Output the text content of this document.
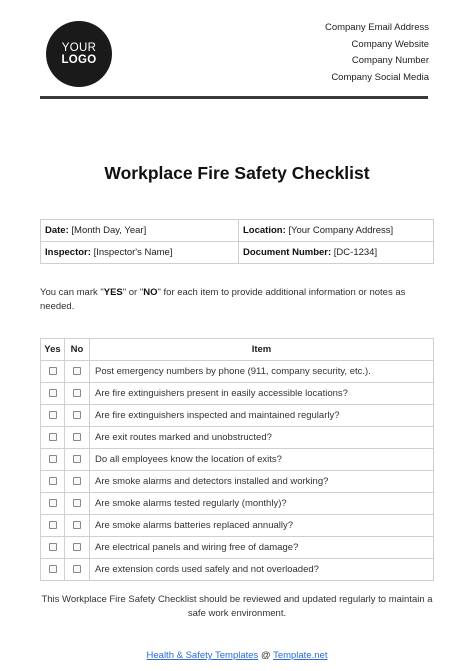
YOUR
LOGO
Company Email Address
Company Website
Company Number
Company Social Media
Workplace Fire Safety Checklist
Date: [Month Day, Year]	Location: [Your Company Address]
Inspector: [Inspector's Name]	Document Number: [DC-1234]

You can mark "YES" or "NO" for each item to provide additional information or notes as needed.

Yes	No	Item
		Post emergency numbers by phone (911, company security, etc.).
		Are fire extinguishers present in easily accessible locations?
		Are fire extinguishers inspected and maintained regularly?
		Are exit routes marked and unobstructed?
		Do all employees know the location of exits?
		Are smoke alarms and detectors installed and working?
		Are smoke alarms tested regularly (monthly)?
		Are smoke alarms batteries replaced annually?
		Are electrical panels and wiring free of damage?
		Are extension cords used safely and not overloaded?

This Workplace Fire Safety Checklist should be reviewed and updated regularly to maintain a safe work environment.

Health & Safety Templates @ Template.net
